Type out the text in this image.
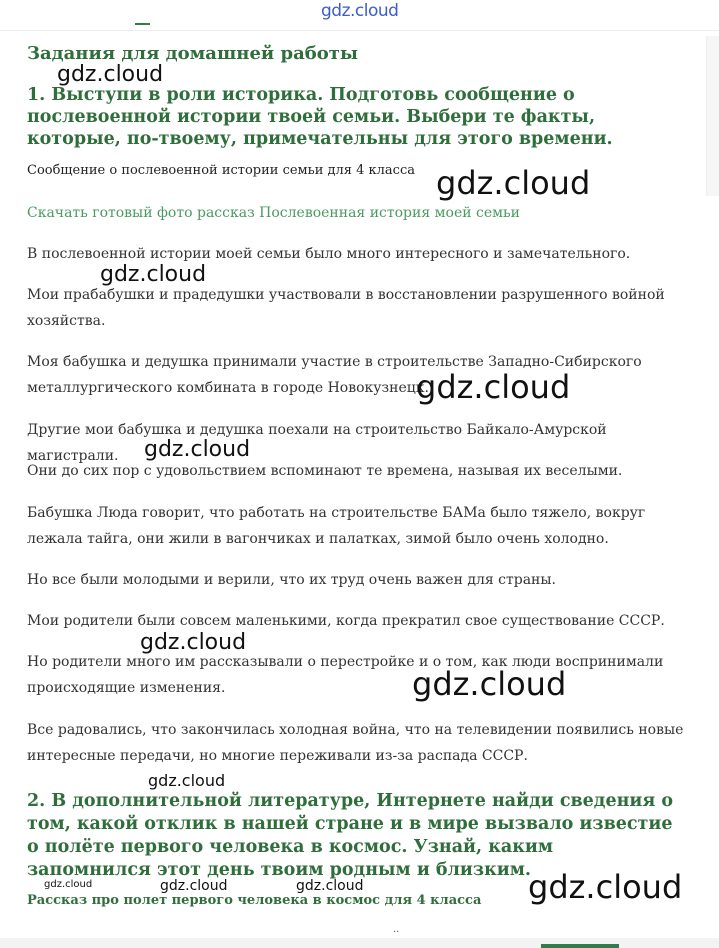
gdz.cloud
Задания для домашней работы
1. Выступи в роли историка. Подготовь сообщение о послевоенной истории твоей семьи. Выбери те факты, которые, по-твоему, примечательны для этого времени.

Сообщение о послевоенной истории семьи для 4 класса

Скачать готовый фото рассказ Послевоенная история моей семьи

В послевоенной истории моей семьи было много интересного и замечательного.

Мои прабабушки и прадедушки участвовали в восстановлении разрушенного войной хозяйства.

Моя бабушка и дедушка принимали участие в строительстве Западно-Сибирского металлургического комбината в городе Новокузнецк.

Другие мои бабушка и дедушка поехали на строительство Байкало-Амурской магистрали.

Они до сих пор с удовольствием вспоминают те времена, называя их веселыми.

Бабушка Люда говорит, что работать на строительстве БАМа было тяжело, вокруг лежала тайга, они жили в вагончиках и палатках, зимой было очень холодно.

Но все были молодыми и верили, что их труд очень важен для страны.

Мои родители были совсем маленькими, когда прекратил свое существование СССР.

Но родители много им рассказывали о перестройке и о том, как люди воспринимали происходящие изменения.

Все радовались, что закончилась холодная война, что на телевидении появились новые интересные передачи, но многие переживали из-за распада СССР.

2. В дополнительной литературе, Интернете найди сведения о том, какой отклик в нашей стране и в мире вызвало известие о полёте первого человека в космос. Узнай, каким запомнился этот день твоим родным и близким.

Рассказ про полет первого человека в космос для 4 класса

gdz.cloud
gdz.cloud
gdz.cloud
gdz.cloud
gdz.cloud
gdz.cloud
gdz.cloud
gdz.cloud
gdz.cloud	gdz.cloud	gdz.cloud	gdz.cloud
··
